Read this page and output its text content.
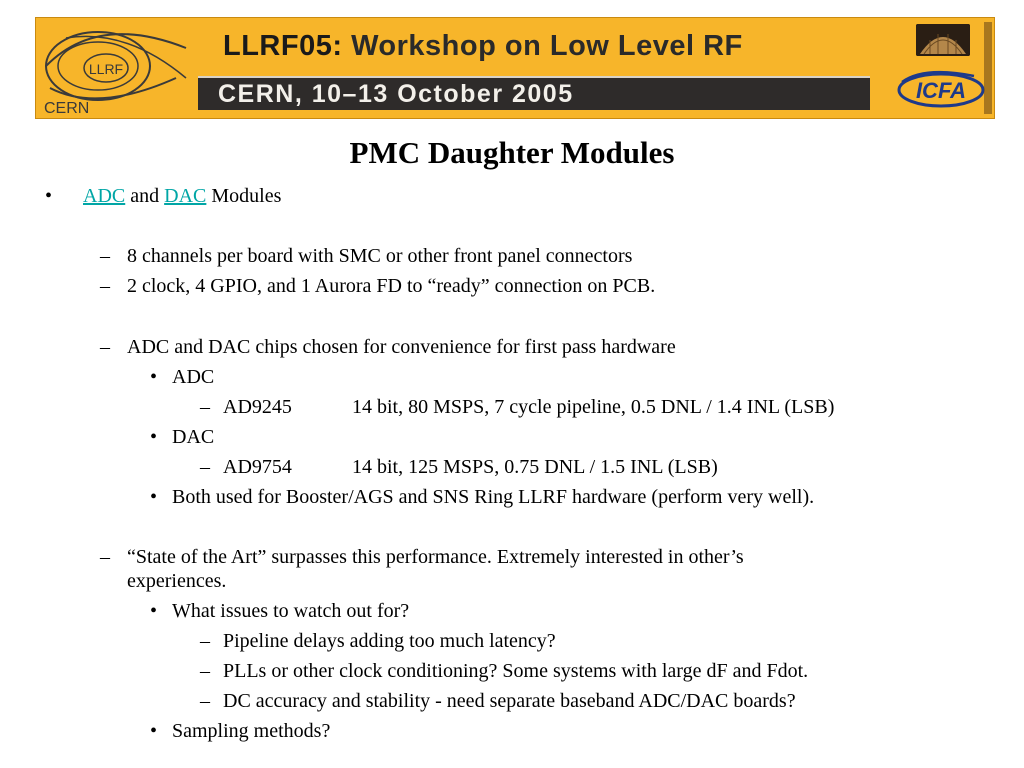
LLRF
CERN
LLRF05: Workshop on Low Level RF
CERN, 10–13 October 2005	ICFA
PMC Daughter Modules
• ADC and DAC Modules
– 8 channels per board with SMC or other front panel connectors
– 2 clock, 4 GPIO, and 1 Aurora FD to “ready” connection on PCB.
– ADC and DAC chips chosen for convenience for first pass hardware
• ADC
– AD9245	14 bit, 80 MSPS, 7 cycle pipeline, 0.5 DNL / 1.4 INL (LSB)
• DAC
– AD9754	14 bit, 125 MSPS, 0.75 DNL / 1.5 INL (LSB)
• Both used for Booster/AGS and SNS Ring LLRF hardware (perform very well).
– “State of the Art” surpasses this performance. Extremely interested in other’s
experiences.
• What issues to watch out for?
– Pipeline delays adding too much latency?
– PLLs or other clock conditioning? Some systems with large dF and Fdot.
– DC accuracy and stability - need separate baseband ADC/DAC boards?
• Sampling methods?
